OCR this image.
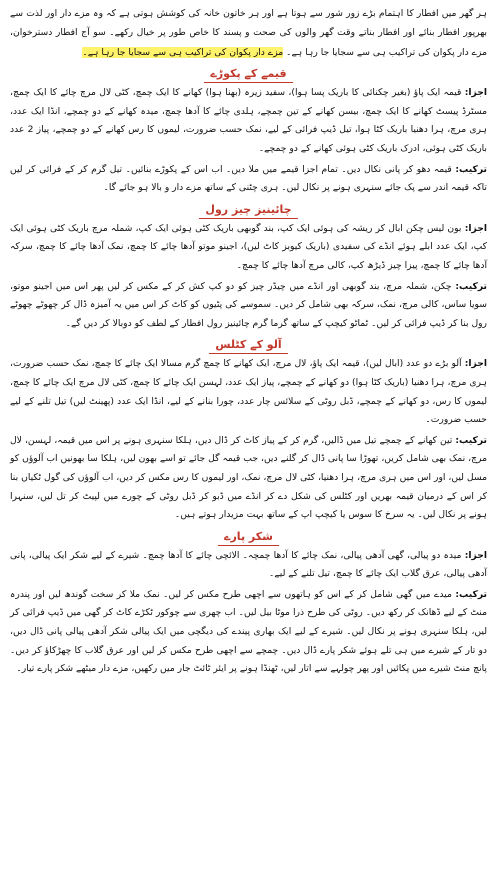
ہر گھر میں افطار کا اہتمام بڑے زور شور سے ہوتا ہے اور ہر خاتون خانہ کی کوشش ہوتی ہے کہ وہ مزے دار اور لذت سے بھرپور افطار بنائے اور افطار بناتے وقت گھر والوں کی صحت و پسند کا خاص طور پر خیال رکھے۔ سو آج افطار دسترخوان، مزے دار پکوان کی تراکیب ہی سے سجایا جا رہا ہے۔ مزے دار پکوان کی تراکیب ہی سے سجایا جا رہا ہے۔

قیمے کے پکوڑے

اجزا: قیمہ ایک پاؤ (بغیر چکنائی کا باریک پسا ہوا)، سفید زیرہ (بھنا ہوا) کھانے کا ایک چمچ، کٹی لال مرچ چائے کا ایک چمچ، مسٹرڈ پیسٹ کھانے کا ایک چمچ، بیسن کھانے کے تین چمچے، ہلدی چائے کا آدھا چمچ، میدہ کھانے کے دو چمچے، انڈا ایک عدد، ہری مرچ، ہرا دھنیا باریک کٹا ہوا، تیل ڈیپ فرائی کے لیے، نمک حسب ضرورت، لیموں کا رس کھانے کے دو چمچے، پیاز 2 عدد باریک کٹی ہوئی، ادرک باریک کٹی ہوئی کھانے کے دو چمچے۔

ترکیب: قیمہ دھو کر پانی نکال دیں۔ تمام اجزا قیمے میں ملا دیں۔ اب اس کے پکوڑے بنائیں۔ تیل گرم کر کے فرائی کر لیں تاکہ قیمہ اندر سے پک جائے سنہری ہونے پر نکال لیں۔ ہری چٹنی کے ساتھ مزے دار و بالا ہو جائے گا۔

چائینیز چیز رول

اجزا: بون لیس چکن ابال کر ریشہ کی ہوئی ایک کپ، بند گوبھی باریک کٹی ہوئی ایک کپ، شملہ مرچ باریک کٹی ہوئی ایک کپ، ایک عدد ابلے ہوئے انڈے کی سفیدی (باریک کیوبز کاٹ لیں)، اجینو موتو آدھا چائے کا چمچ، نمک آدھا چائے کا چمچ، سرکہ آدھا چائے کا چمچ، پیزا چیز ڈیڑھ کپ، کالی مرچ آدھا چائے کا چمچ۔

ترکیب: چکن، شملہ مرچ، بند گوبھی اور انڈے میں چیڈر چیز کو دو کپ کش کر کے مکس کر لیں پھر اس میں اجینو موتو، سویا ساس، کالی مرچ، نمک، سرکہ بھی شامل کر دیں۔ سموسے کی پٹیوں کو کاٹ کر اس میں یہ آمیزہ ڈال کر چھوٹے چھوٹے رول بنا کر ڈیپ فرائی کر لیں۔ ٹماٹو کیچپ کے ساتھ گرما گرم چائینیز رول افطار کے لطف کو دوبالا کر دیں گے۔

آلو کے کٹلس

اجزا: آلو بڑے دو عدد (ابال لیں)، قیمہ ایک پاؤ، لال مرچ، ایک کھانے کا چمچ گرم مسالا ایک چائے کا چمچ، نمک حسب ضرورت، ہری مرچ، ہرا دھنیا (باریک کٹا ہوا) دو کھانے کے چمچے، پیاز ایک عدد، لہسن ایک چائے کا چمچ، کٹی لال مرچ ایک چائے کا چمچ، لیموں کا رس، دو کھانے کے چمچے، ڈبل روٹی کے سلائس چار عدد، چورا بنانے کے لیے، انڈا ایک عدد (پھینٹ لیں) تیل تلنے کے لیے حسب ضرورت۔

ترکیب: تین کھانے کے چمچے تیل میں ڈالیں، گرم کر کے پیاز کاٹ کر ڈال دیں، ہلکا سنہری ہونے پر اس میں قیمہ، لہسن، لال مرچ، نمک بھی شامل کریں، تھوڑا سا پانی ڈال کر گلنے دیں، جب قیمہ گل جائے تو اسے بھون لیں، ہلکا سا بھونیں اب آلوؤں کو مسل لیں، اور اس میں ہری مرچ، ہرا دھنیا، کٹی لال مرچ، نمک، اور لیموں کا رس مکس کر دیں، اب آلوؤں کی گول ٹکیاں بنا کر اس کے درمیان قیمہ بھریں اور کٹلس کی شکل دے کر انڈے میں ڈبو کر ڈبل روٹی کے چورے میں لپیٹ کر تل لیں، سنہرا ہونے پر نکال لیں۔ یہ سرخ کا سوس یا کیچپ اپ کے ساتھ بہت مزیدار ہوتے ہیں۔

شکر پارے

اجزا: میدہ دو پیالی، گھی آدھی پیالی، نمک چائے کا آدھا چمچہ۔ الائچی چائے کا آدھا چمچ۔ شیرے کے لیے شکر ایک پیالی، پانی آدھی پیالی، عرق گلاب ایک چائے کا چمچ، تیل تلنے کے لیے۔

ترکیب: میدے میں گھی شامل کر کے اس کو ہاتھوں سے اچھی طرح مکس کر لیں۔ نمک ملا کر سخت گوندھ لیں اور پندرہ منٹ کے لیے ڈھانک کر رکھ دیں۔ روٹی کی طرح ذرا موٹا بیل لیں۔ اب چھری سے چوکور ٹکڑے کاٹ کر گھی میں ڈیپ فرائی کر لیں، ہلکا سنہری ہونے پر نکال لیں۔ شیرے کے لیے ایک بھاری پیندے کی دیگچی میں ایک پیالی شکر آدھی پیالی پانی ڈال دیں، دو تار کے شیرے میں ہی تلے ہوئے شکر پارے ڈال دیں۔ چمچے سے اچھی طرح مکس کر لیں اور عرق گلاب کا چھڑکاؤ کر دیں۔ پانچ منٹ شیرے میں پکائیں اور پھر چولہے سے اتار لیں، ٹھنڈا ہونے پر ایئر ٹائٹ جار میں رکھیں، مزے دار میٹھے شکر پارے تیار۔
